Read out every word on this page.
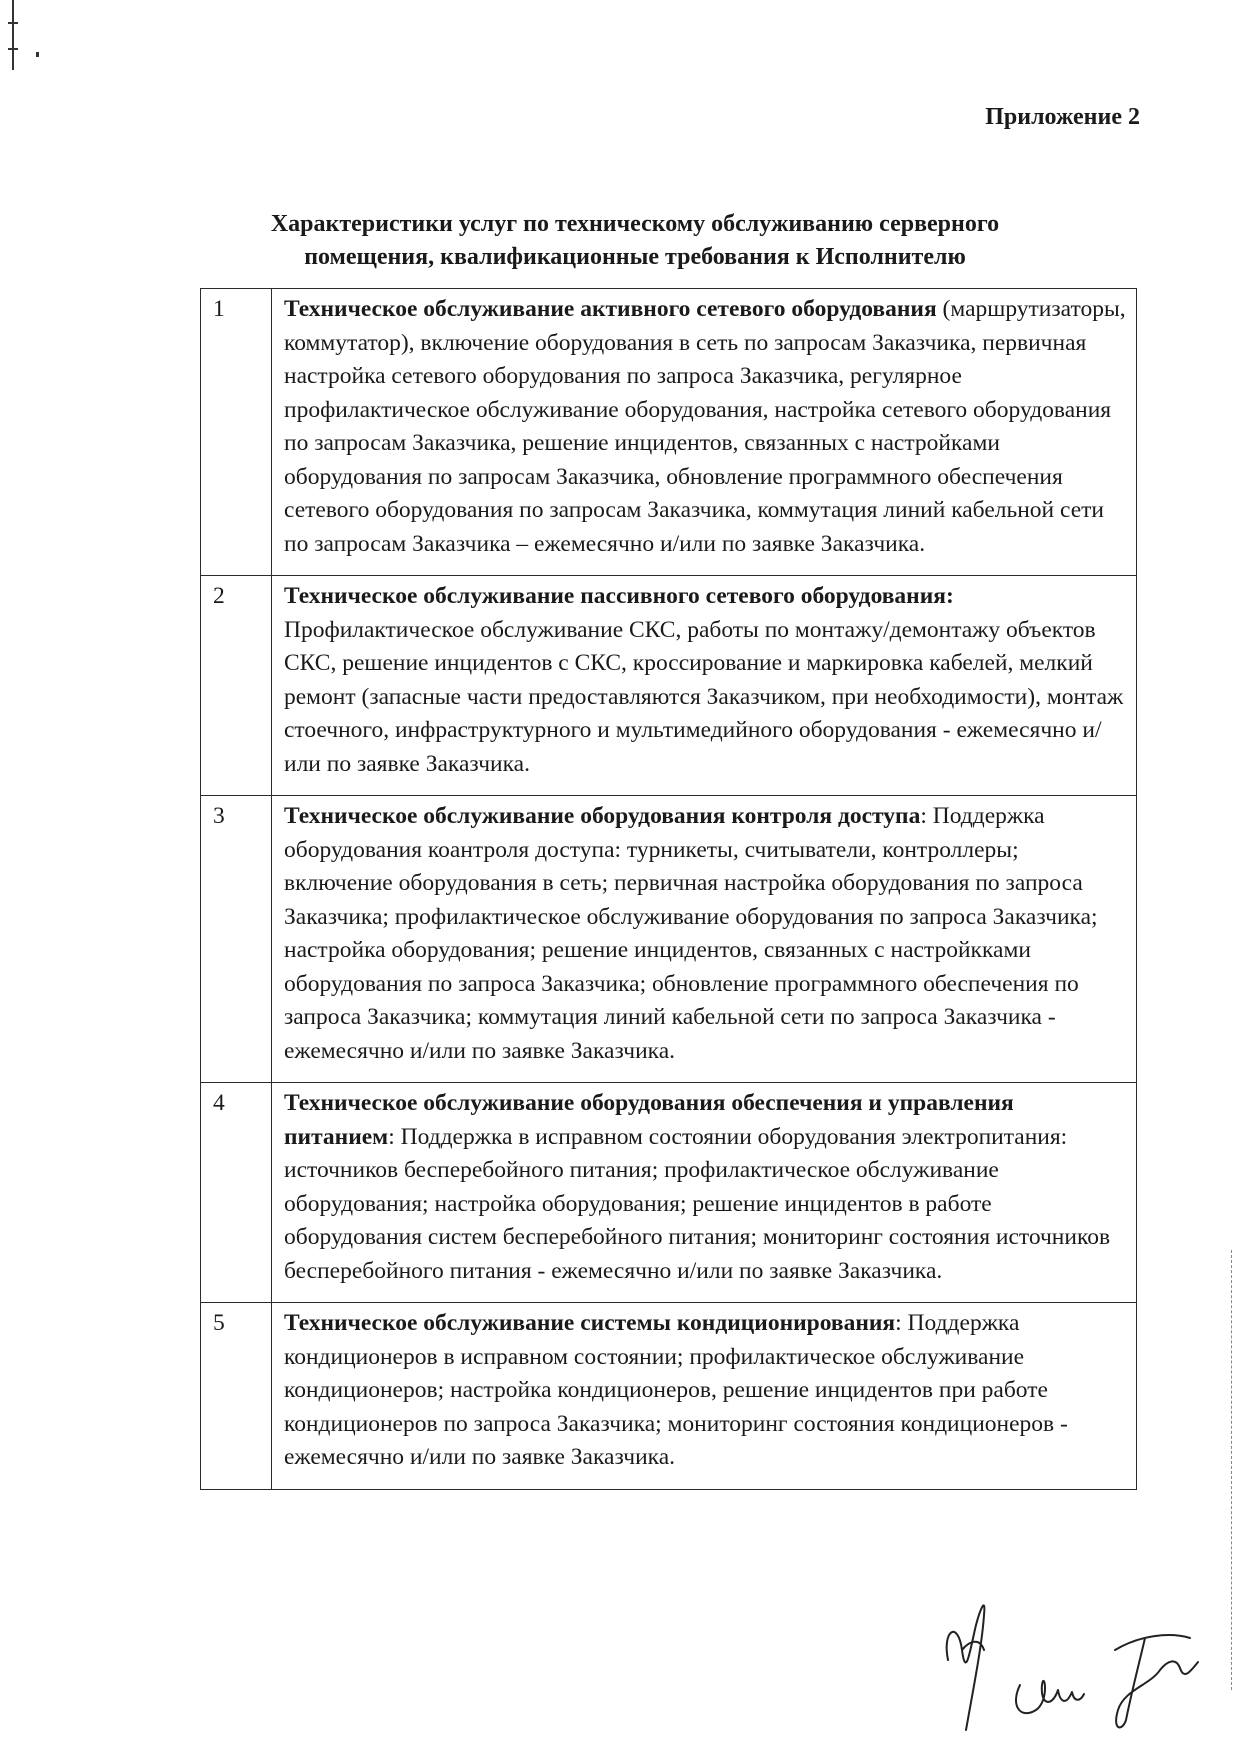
Приложение 2
Характеристики услуг по техническому обслуживанию серверного
помещения, квалификационные требования к Исполнителю
1	Техническое обслуживание активного сетевого оборудования (маршрутизаторы, коммутатор), включение оборудования в сеть по запросам Заказчика, первичная настройка сетевого оборудования по запроса Заказчика, регулярное профилактическое обслуживание оборудования, настройка сетевого оборудования по запросам Заказчика, решение инцидентов, связанных с настройками оборудования по запросам Заказчика, обновление программного обеспечения сетевого оборудования по запросам Заказчика, коммутация линий кабельной сети по запросам Заказчика – ежемесячно и/или по заявке Заказчика.
2	Техническое обслуживание пассивного сетевого оборудования: Профилактическое обслуживание СКС, работы по монтажу/демонтажу объектов СКС, решение инцидентов с СКС, кроссирование и маркировка кабелей, мелкий ремонт (запасные части предоставляются Заказчиком, при необходимости), монтаж стоечного, инфраструктурного и мультимедийного оборудования - ежемесячно и/или по заявке Заказчика.
3	Техническое обслуживание оборудования контроля доступа: Поддержка оборудования коантроля доступа: турникеты, считыватели, контроллеры; включение оборудования в сеть; первичная настройка оборудования по запроса Заказчика; профилактическое обслуживание оборудования по запроса Заказчика; настройка оборудования; решение инцидентов, связанных с настройкками оборудования по запроса Заказчика; обновление программного обеспечения по запроса Заказчика; коммутация линий кабельной сети по запроса Заказчика - ежемесячно и/или по заявке Заказчика.
4	Техническое обслуживание оборудования обеспечения и управления питанием: Поддержка в исправном состоянии оборудования электропитания: источников бесперебойного питания; профилактическое обслуживание оборудования; настройка оборудования; решение инцидентов в работе оборудования систем бесперебойного питания; мониторинг состояния источников бесперебойного питания - ежемесячно и/или по заявке Заказчика.
5	Техническое обслуживание системы кондиционирования: Поддержка кондиционеров в исправном состоянии; профилактическое обслуживание кондиционеров; настройка кондиционеров, решение инцидентов при работе кондиционеров по запроса Заказчика; мониторинг состояния кондиционеров - ежемесячно и/или по заявке Заказчика.
